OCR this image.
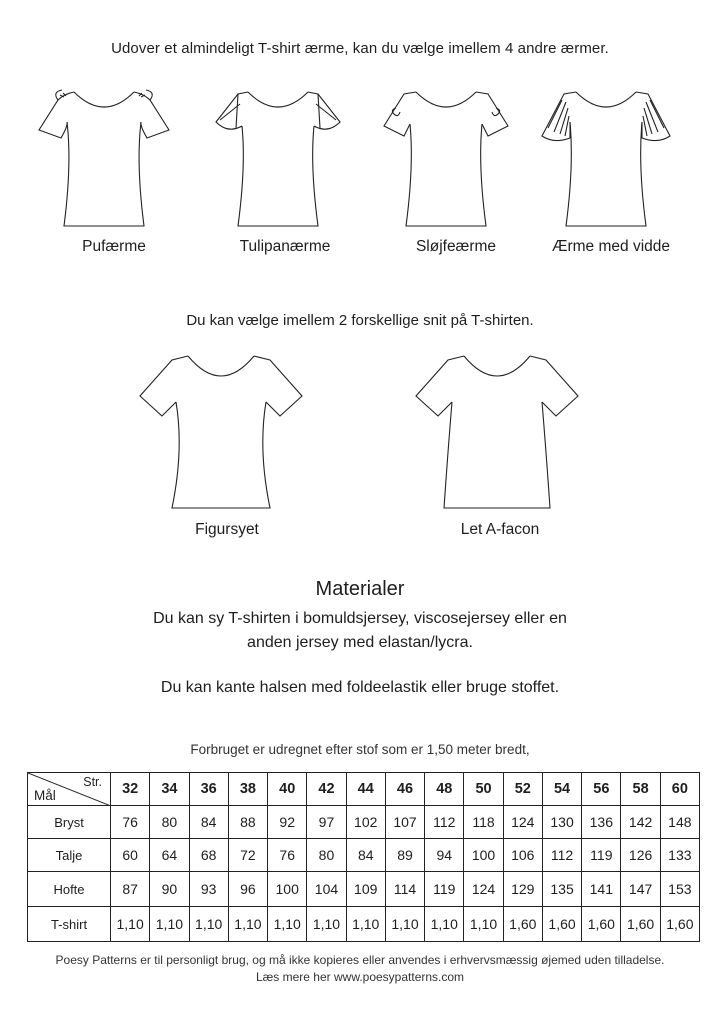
Udover et almindeligt T-shirt ærme, kan du vælge imellem 4 andre ærmer.
Pufærme	Tulipanærme	Sløjfeærme	Ærme med vidde
Du kan vælge imellem 2 forskellige snit på T-shirten.
Figursyet	Let A-facon
Materialer
Du kan sy T-shirten i bomuldsjersey, viscosejersey eller en
anden jersey med elastan/lycra.
Du kan kante halsen med foldeelastik eller bruge stoffet.
Forbruget er udregnet efter stof som er 1,50 meter bredt,
Str.
Mål	32	34	36	38	40	42	44	46	48	50	52	54	56	58	60
Bryst	76	80	84	88	92	97	102	107	112	118	124	130	136	142	148
Talje	60	64	68	72	76	80	84	89	94	100	106	112	119	126	133
Hofte	87	90	93	96	100	104	109	114	119	124	129	135	141	147	153
T-shirt	1,10	1,10	1,10	1,10	1,10	1,10	1,10	1,10	1,10	1,10	1,60	1,60	1,60	1,60	1,60
Poesy Patterns er til personligt brug, og må ikke kopieres eller anvendes i erhvervsmæssig øjemed uden tilladelse.
Læs mere her www.poesypatterns.com
